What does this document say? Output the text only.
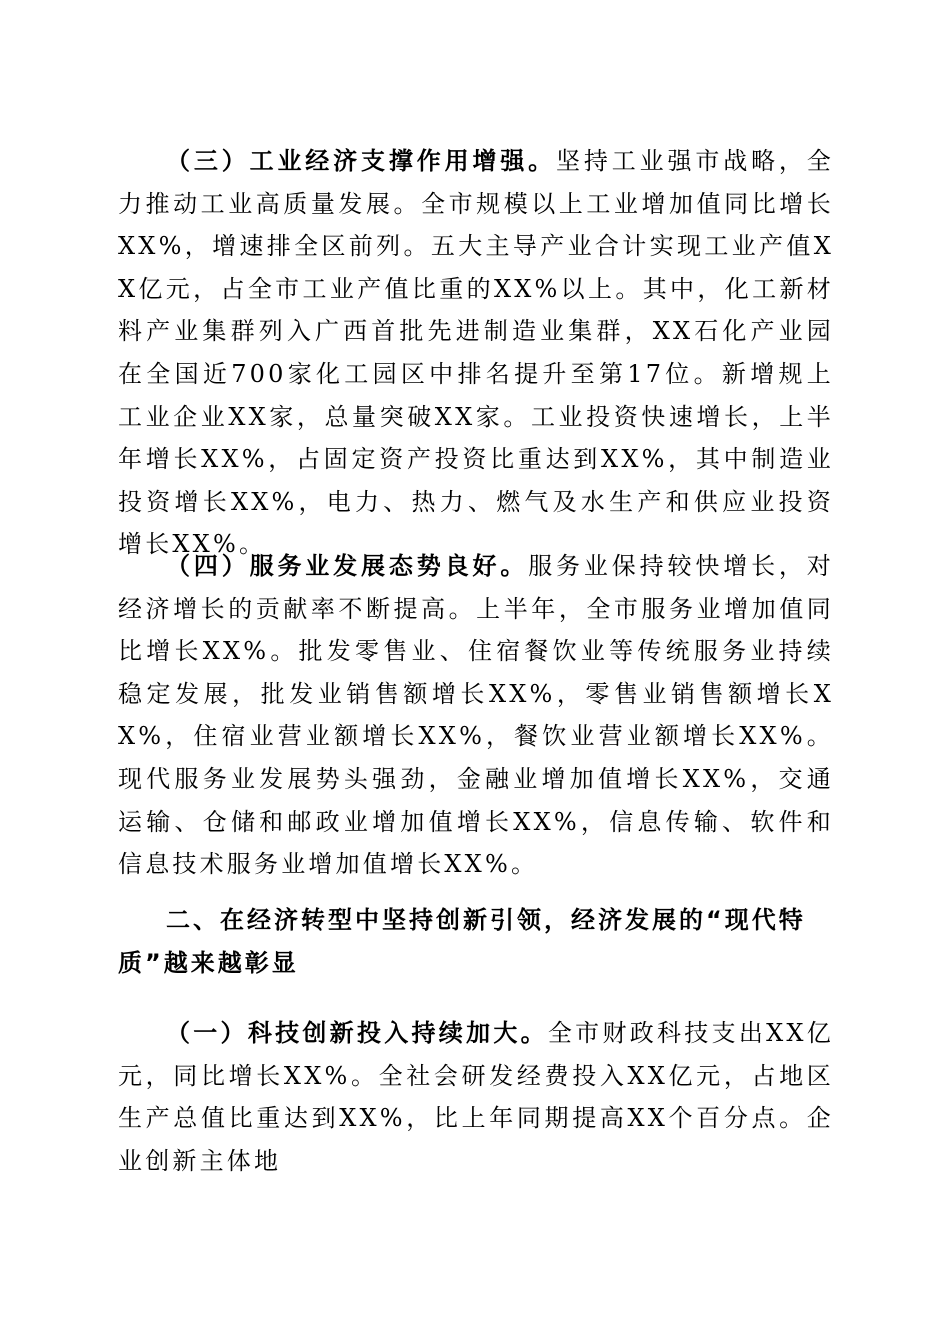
（三）工业经济支撑作用增强。坚持工业强市战略，全力推动工业高质量发展。全市规模以上工业增加值同比增长XX%，增速排全区前列。五大主导产业合计实现工业产值XX亿元，占全市工业产值比重的XX%以上。其中，化工新材料产业集群列入广西首批先进制造业集群，XX石化产业园在全国近700家化工园区中排名提升至第17位。新增规上工业企业XX家，总量突破XX家。工业投资快速增长，上半年增长XX%，占固定资产投资比重达到XX%，其中制造业投资增长XX%，电力、热力、燃气及水生产和供应业投资增长XX%。

（四）服务业发展态势良好。服务业保持较快增长，对经济增长的贡献率不断提高。上半年，全市服务业增加值同比增长XX%。批发零售业、住宿餐饮业等传统服务业持续稳定发展，批发业销售额增长XX%，零售业销售额增长XX%，住宿业营业额增长XX%，餐饮业营业额增长XX%。现代服务业发展势头强劲，金融业增加值增长XX%，交通运输、仓储和邮政业增加值增长XX%，信息传输、软件和信息技术服务业增加值增长XX%。

二、在经济转型中坚持创新引领，经济发展的“现代特质”越来越彰显

（一）科技创新投入持续加大。全市财政科技支出XX亿元，同比增长XX%。全社会研发经费投入XX亿元，占地区生产总值比重达到XX%，比上年同期提高XX个百分点。企业创新主体地
